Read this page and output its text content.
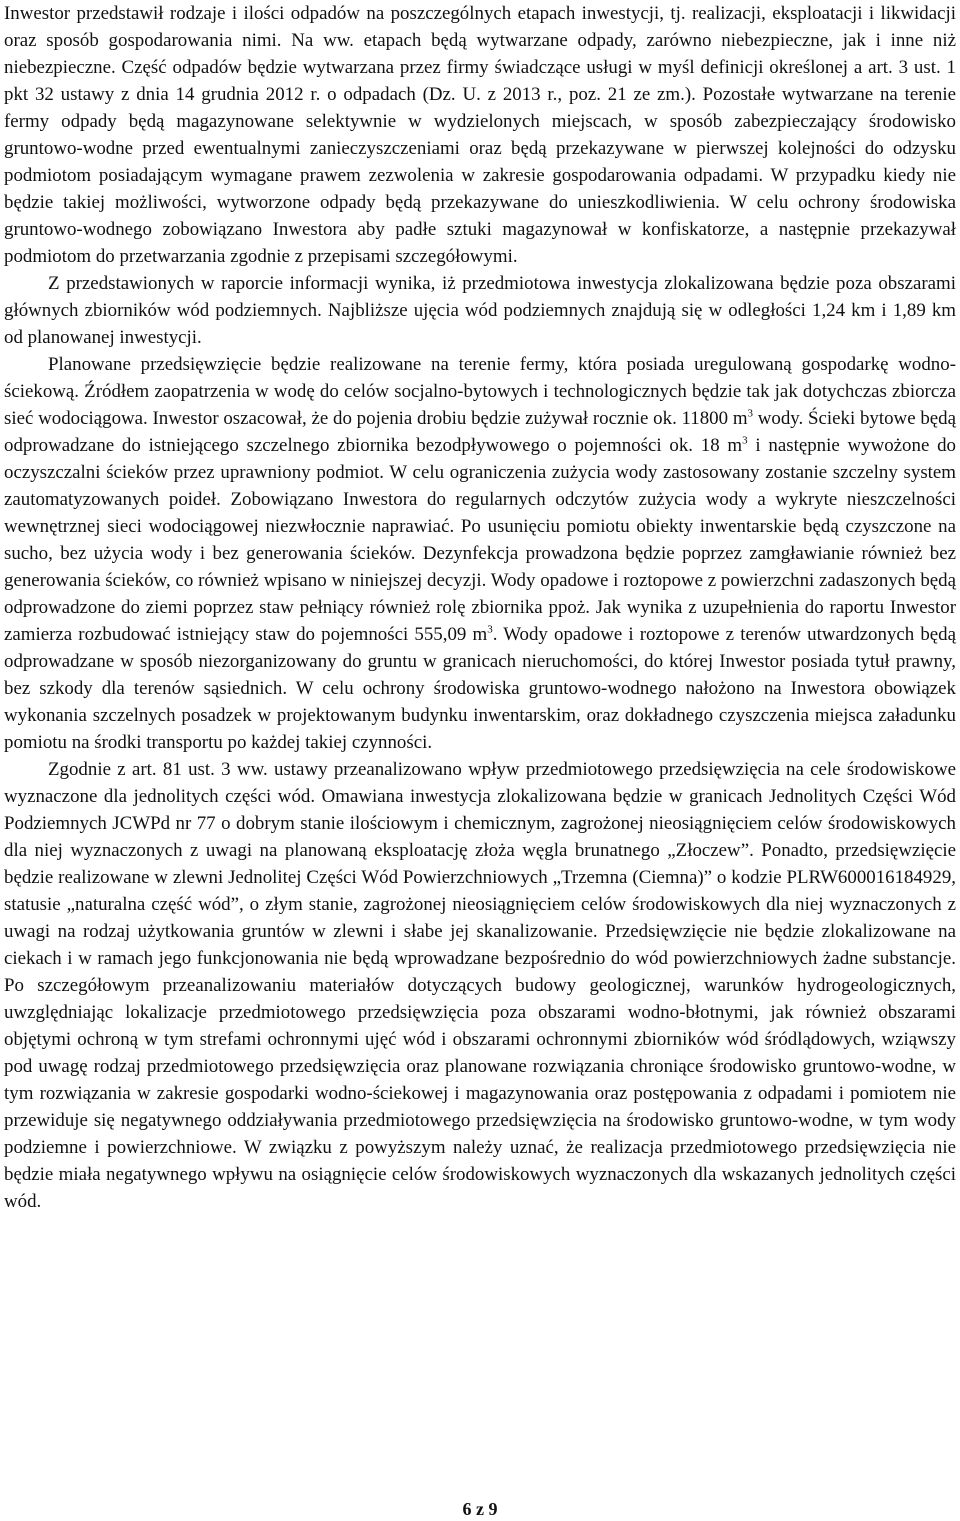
Inwestor przedstawił rodzaje i ilości odpadów na poszczególnych etapach inwestycji, tj. realizacji, eksploatacji i likwidacji oraz sposób gospodarowania nimi. Na ww. etapach będą wytwarzane odpady, zarówno niebezpieczne, jak i inne niż niebezpieczne. Część odpadów będzie wytwarzana przez firmy świadczące usługi w myśl definicji określonej a art. 3 ust. 1 pkt 32 ustawy z dnia 14 grudnia 2012 r. o odpadach (Dz. U. z 2013 r., poz. 21 ze zm.). Pozostałe wytwarzane na terenie fermy odpady będą magazynowane selektywnie w wydzielonych miejscach, w sposób zabezpieczający środowisko gruntowo-wodne przed ewentualnymi zanieczyszczeniami oraz będą przekazywane w pierwszej kolejności do odzysku podmiotom posiadającym wymagane prawem zezwolenia w zakresie gospodarowania odpadami. W przypadku kiedy nie będzie takiej możliwości, wytworzone odpady będą przekazywane do unieszkodliwienia. W celu ochrony środowiska gruntowo-wodnego zobowiązano Inwestora aby padłe sztuki magazynował w konfiskatorze, a następnie przekazywał podmiotom do przetwarzania zgodnie z przepisami szczegółowymi.

Z przedstawionych w raporcie informacji wynika, iż przedmiotowa inwestycja zlokalizowana będzie poza obszarami głównych zbiorników wód podziemnych. Najbliższe ujęcia wód podziemnych znajdują się w odległości 1,24 km i 1,89 km od planowanej inwestycji.

Planowane przedsięwzięcie będzie realizowane na terenie fermy, która posiada uregulowaną gospodarkę wodno-ściekową. Źródłem zaopatrzenia w wodę do celów socjalno-bytowych i technologicznych będzie tak jak dotychczas zbiorcza sieć wodociągowa. Inwestor oszacował, że do pojenia drobiu będzie zużywał rocznie ok. 11800 $m^3$ wody. Ścieki bytowe będą odprowadzane do istniejącego szczelnego zbiornika bezodpływowego o pojemności ok. 18 $m^3$ i następnie wywożone do oczyszczalni ścieków przez uprawniony podmiot. W celu ograniczenia zużycia wody zastosowany zostanie szczelny system zautomatyzowanych poideł. Zobowiązano Inwestora do regularnych odczytów zużycia wody a wykryte nieszczelności wewnętrznej sieci wodociągowej niezwłocznie naprawiać. Po usunięciu pomiotu obiekty inwentarskie będą czyszczone na sucho, bez użycia wody i bez generowania ścieków. Dezynfekcja prowadzona będzie poprzez zamgławianie również bez generowania ścieków, co również wpisano w niniejszej decyzji. Wody opadowe i roztopowe z powierzchni zadaszonych będą odprowadzone do ziemi poprzez staw pełniący również rolę zbiornika ppoż. Jak wynika z uzupełnienia do raportu Inwestor zamierza rozbudować istniejący staw do pojemności 555,09 $m^3$. Wody opadowe i roztopowe z terenów utwardzonych będą odprowadzane w sposób niezorganizowany do gruntu w granicach nieruchomości, do której Inwestor posiada tytuł prawny, bez szkody dla terenów sąsiednich. W celu ochrony środowiska gruntowo-wodnego nałożono na Inwestora obowiązek wykonania szczelnych posadzek w projektowanym budynku inwentarskim, oraz dokładnego czyszczenia miejsca załadunku pomiotu na środki transportu po każdej takiej czynności.

Zgodnie z art. 81 ust. 3 ww. ustawy przeanalizowano wpływ przedmiotowego przedsięwzięcia na cele środowiskowe wyznaczone dla jednolitych części wód. Omawiana inwestycja zlokalizowana będzie w granicach Jednolitych Części Wód Podziemnych JCWPd nr 77 o dobrym stanie ilościowym i chemicznym, zagrożonej nieosiągnięciem celów środowiskowych dla niej wyznaczonych z uwagi na planowaną eksploatację złoża węgla brunatnego „Złoczew”. Ponadto, przedsięwzięcie będzie realizowane w zlewni Jednolitej Części Wód Powierzchniowych „Trzemna (Ciemna)” o kodzie PLRW600016184929, statusie „naturalna część wód”, o złym stanie, zagrożonej nieosiągnięciem celów środowiskowych dla niej wyznaczonych z uwagi na rodzaj użytkowania gruntów w zlewni i słabe jej skanalizowanie. Przedsięwzięcie nie będzie zlokalizowane na ciekach i w ramach jego funkcjonowania nie będą wprowadzane bezpośrednio do wód powierzchniowych żadne substancje. Po szczegółowym przeanalizowaniu materiałów dotyczących budowy geologicznej, warunków hydrogeologicznych, uwzględniając lokalizacje przedmiotowego przedsięwzięcia poza obszarami wodno-błotnymi, jak również obszarami objętymi ochroną w tym strefami ochronnymi ujęć wód i obszarami ochronnymi zbiorników wód śródlądowych, wziąwszy pod uwagę rodzaj przedmiotowego przedsięwzięcia oraz planowane rozwiązania chroniące środowisko gruntowo-wodne, w tym rozwiązania w zakresie gospodarki wodno-ściekowej i magazynowania oraz postępowania z odpadami i pomiotem nie przewiduje się negatywnego oddziaływania przedmiotowego przedsięwzięcia na środowisko gruntowo-wodne, w tym wody podziemne i powierzchniowe. W związku z powyższym należy uznać, że realizacja przedmiotowego przedsięwzięcia nie będzie miała negatywnego wpływu na osiągnięcie celów środowiskowych wyznaczonych dla wskazanych jednolitych części wód.

6 z 9
